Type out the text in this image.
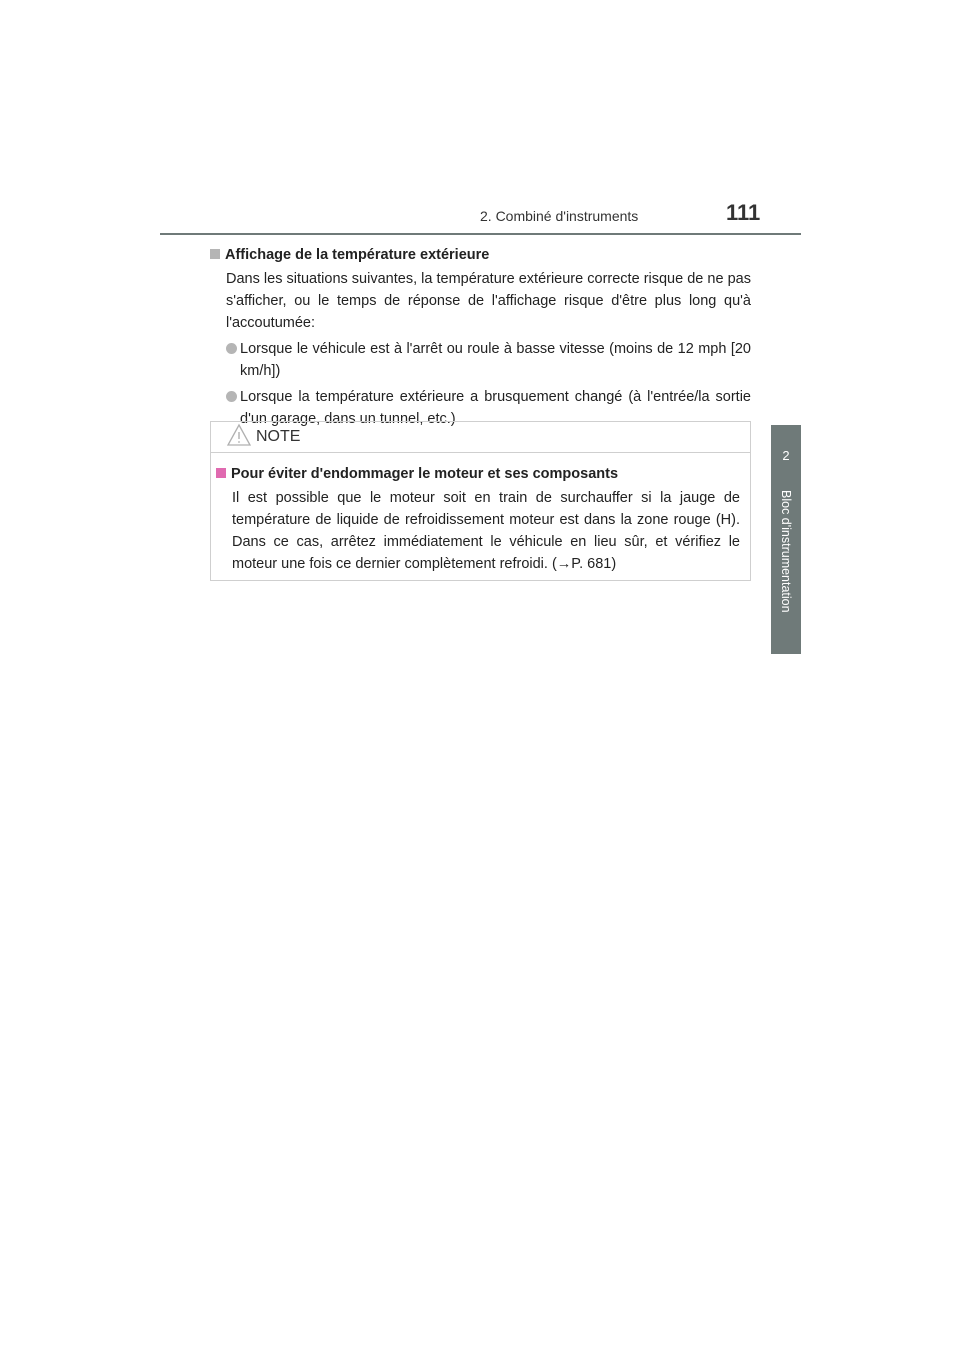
2. Combiné d'instruments	111
2
Bloc d'instrumentation
Affichage de la température extérieure
Dans les situations suivantes, la température extérieure correcte risque de ne pas s'afficher, ou le temps de réponse de l'affichage risque d'être plus long qu'à l'accoutumée:
Lorsque le véhicule est à l'arrêt ou roule à basse vitesse (moins de 12 mph [20 km/h])
Lorsque la température extérieure a brusquement changé (à l'entrée/la sortie d'un garage, dans un tunnel, etc.)
NOTE
Pour éviter d'endommager le moteur et ses composants
Il est possible que le moteur soit en train de surchauffer si la jauge de température de liquide de refroidissement moteur est dans la zone rouge (H). Dans ce cas, arrêtez immédiatement le véhicule en lieu sûr, et vérifiez le moteur une fois ce dernier complètement refroidi. (→P. 681)
